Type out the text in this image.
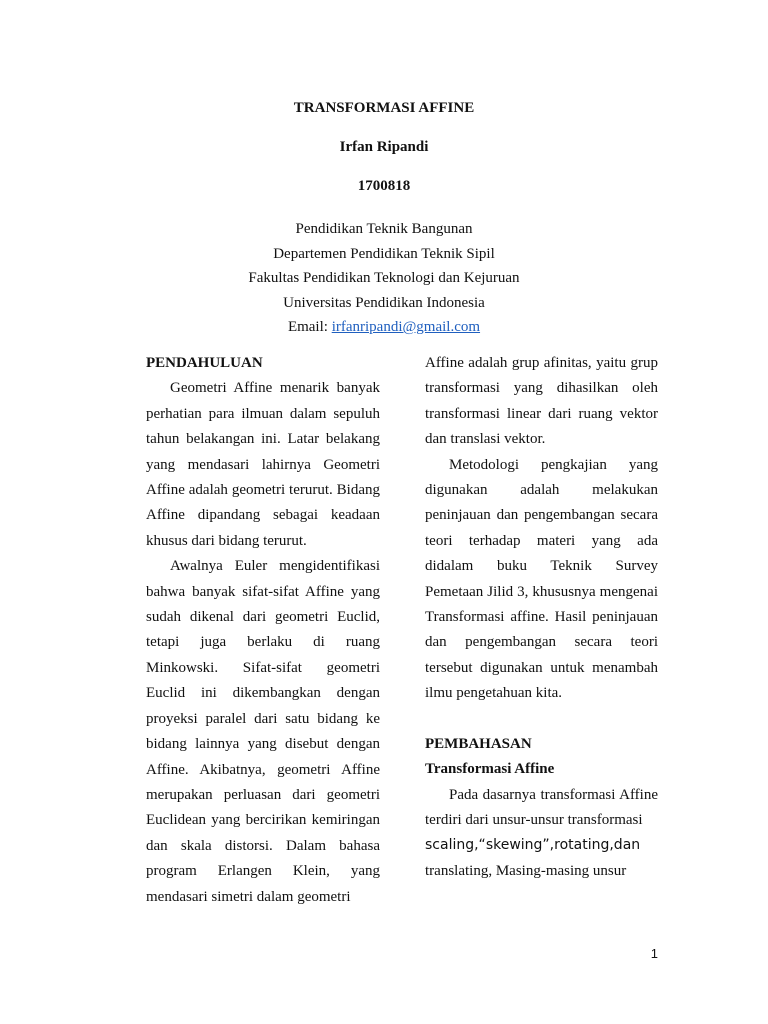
TRANSFORMASI AFFINE
Irfan Ripandi
1700818
Pendidikan Teknik Bangunan
Departemen Pendidikan Teknik Sipil
Fakultas Pendidikan Teknologi dan Kejuruan
Universitas Pendidikan Indonesia
Email: irfanripandi@gmail.com
PENDAHULUAN

Geometri Affine menarik banyak perhatian para ilmuan dalam sepuluh tahun belakangan ini. Latar belakang yang mendasari lahirnya Geometri Affine adalah geometri terurut. Bidang Affine dipandang sebagai keadaan khusus dari bidang terurut.

Awalnya Euler mengidentifikasi bahwa banyak sifat-sifat Affine yang sudah dikenal dari geometri Euclid, tetapi juga berlaku di ruang Minkowski. Sifat-sifat geometri Euclid ini dikembangkan dengan proyeksi paralel dari satu bidang ke bidang lainnya yang disebut dengan Affine. Akibatnya, geometri Affine merupakan perluasan dari geometri Euclidean yang bercirikan kemiringan dan skala distorsi. Dalam bahasa program Erlangen Klein, yang mendasari simetri dalam geometri

Affine adalah grup afinitas, yaitu grup transformasi yang dihasilkan oleh transformasi linear dari ruang vektor dan translasi vektor.

Metodologi pengkajian yang digunakan adalah melakukan peninjauan dan pengembangan secara teori terhadap materi yang ada didalam buku Teknik Survey Pemetaan Jilid 3, khususnya mengenai Transformasi affine. Hasil peninjauan dan pengembangan secara teori tersebut digunakan untuk menambah ilmu pengetahuan kita.

PEMBAHASAN
Transformasi Affine

Pada dasarnya transformasi Affine terdiri dari unsur-unsur transformasi
scaling,“skewing”,rotating,dan
translating, Masing-masing unsur

1
